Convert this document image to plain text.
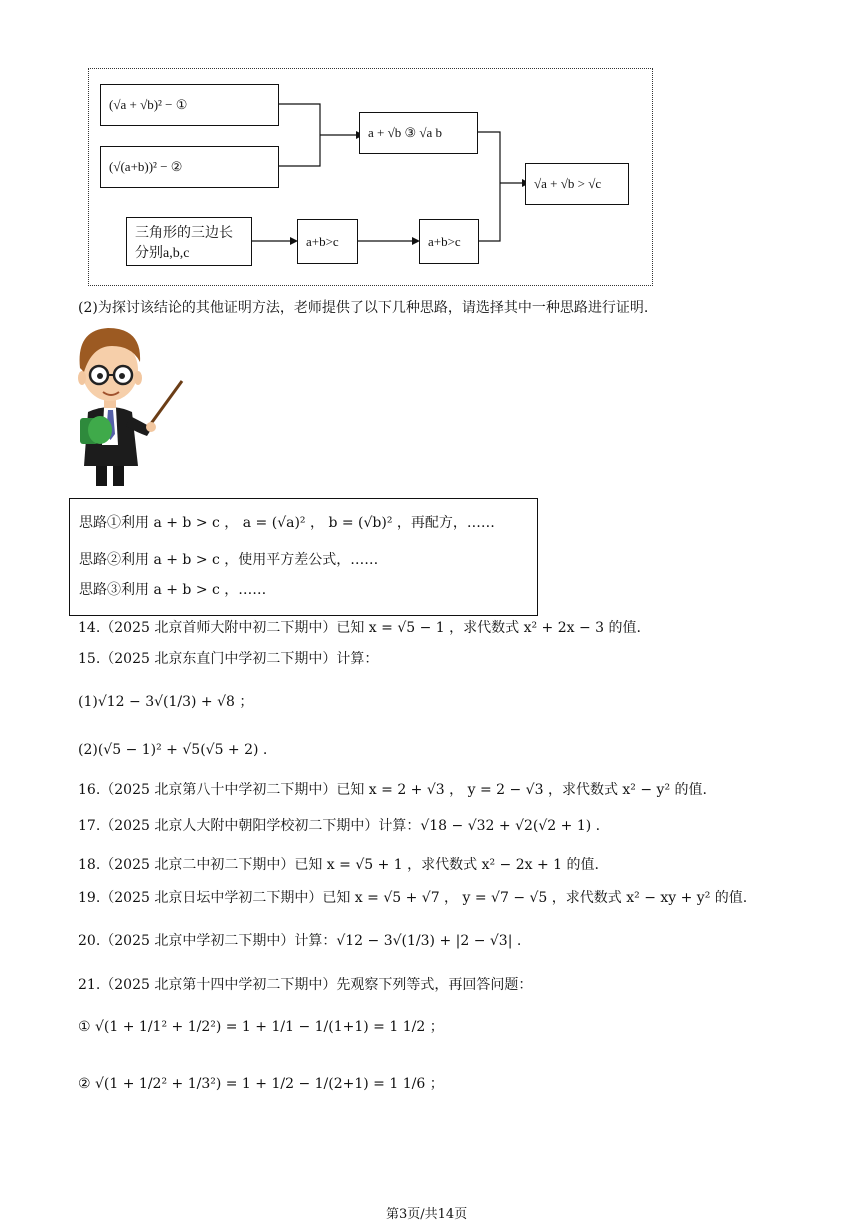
(√a + √b)² − ①
(√(a+b))² − ②
a + √b ③ √a b
√a + √b > √c
三角形的三边长
分别a,b,c
a+b>c	a+b>c
(2)为探讨该结论的其他证明方法，老师提供了以下几种思路，请选择其中一种思路进行证明.
思路①利用 a + b > c ， a = (√a)² ， b = (√b)² ，再配方，……
思路②利用 a + b > c ，使用平方差公式，……
思路③利用 a + b > c ，……
14.（2025 北京首师大附中初二下期中）已知 x = √5 − 1 ，求代数式 x² + 2x − 3 的值.
15.（2025 北京东直门中学初二下期中）计算：
(1)√12 − 3√(1/3) + √8 ；
(2)(√5 − 1)² + √5(√5 + 2) .
16.（2025 北京第八十中学初二下期中）已知 x = 2 + √3 ， y = 2 − √3 ，求代数式 x² − y² 的值.
17.（2025 北京人大附中朝阳学校初二下期中）计算：√18 − √32 + √2(√2 + 1) .
18.（2025 北京二中初二下期中）已知 x = √5 + 1 ，求代数式 x² − 2x + 1 的值.
19.（2025 北京日坛中学初二下期中）已知 x = √5 + √7 ， y = √7 − √5 ，求代数式 x² − xy + y² 的值.
20.（2025 北京中学初二下期中）计算：√12 − 3√(1/3) + |2 − √3| .
21.（2025 北京第十四中学初二下期中）先观察下列等式，再回答问题：
① √(1 + 1/1² + 1/2²) = 1 + 1/1 − 1/(1+1) = 1 1/2 ；
② √(1 + 1/2² + 1/3²) = 1 + 1/2 − 1/(2+1) = 1 1/6 ；
第3页/共14页
